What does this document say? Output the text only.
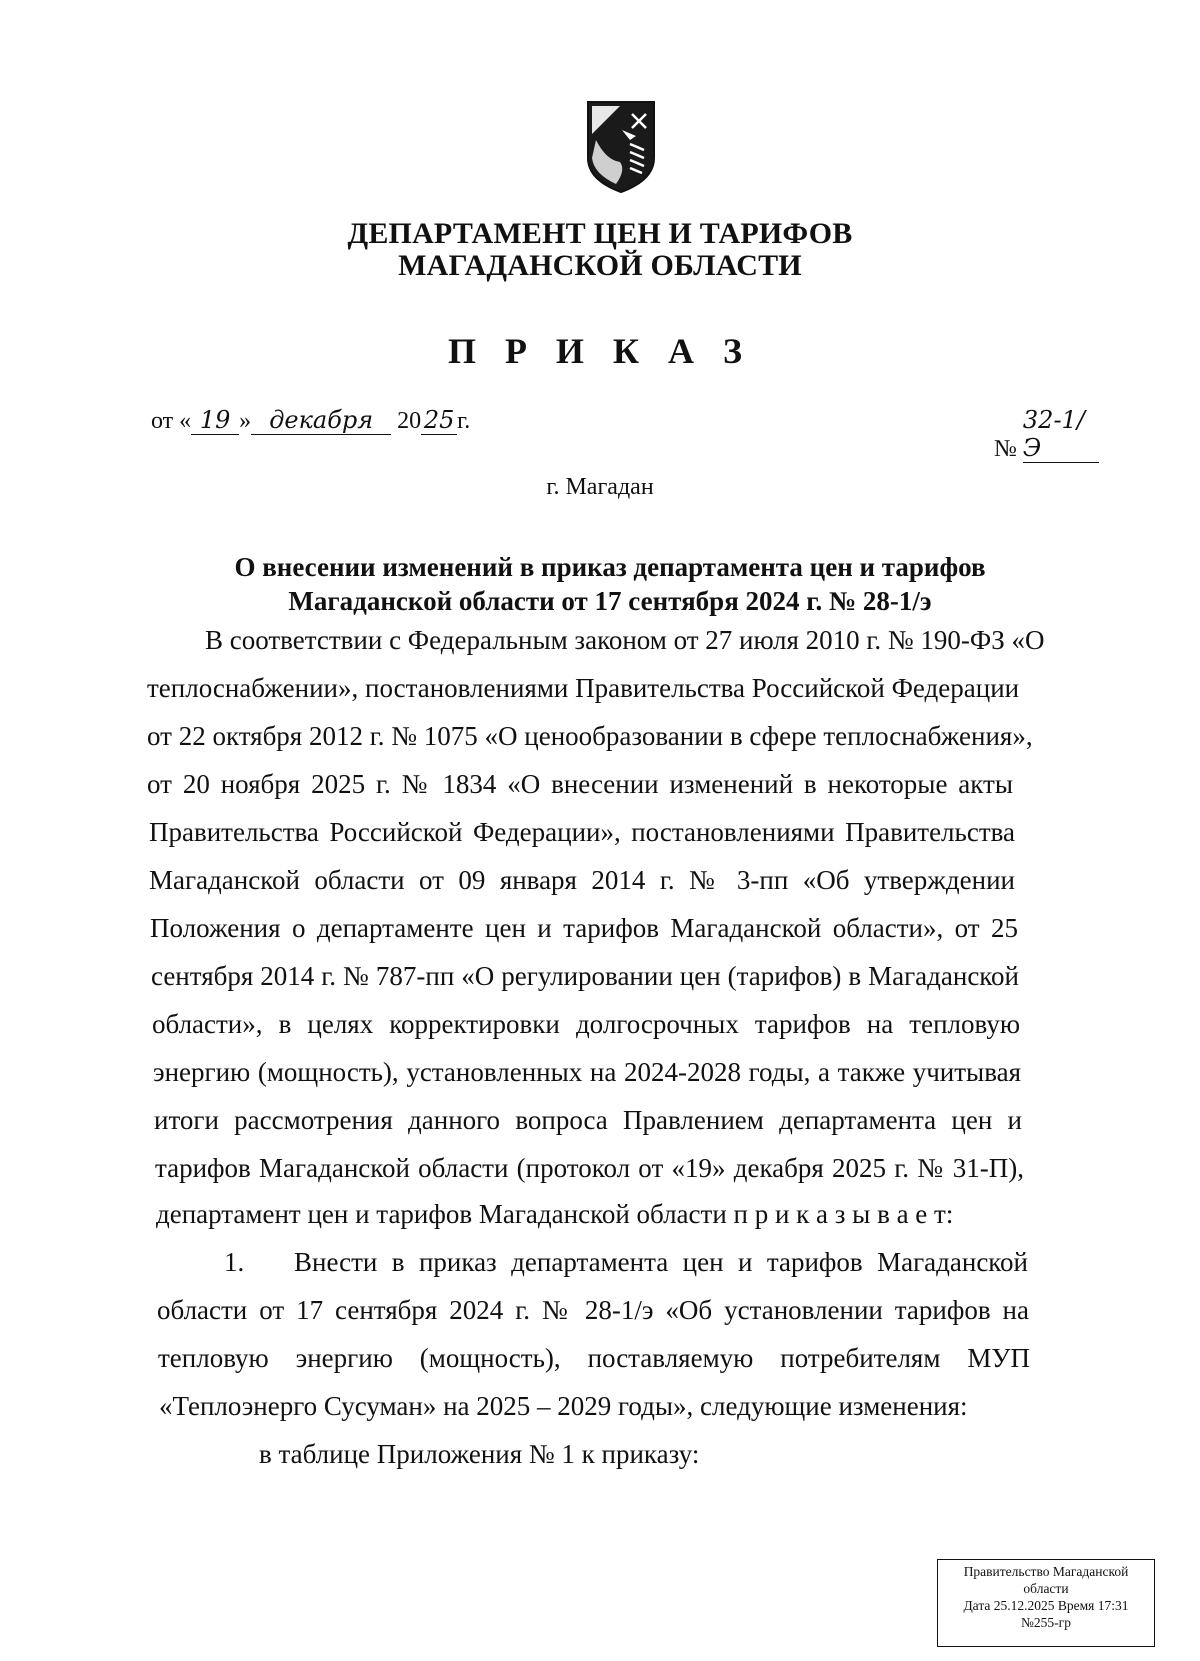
ДЕПАРТАМЕНТ ЦЕН И ТАРИФОВ
МАГАДАНСКОЙ ОБЛАСТИ
П Р И К А З
от « 19 » декабря 20 25 г.
№ 32-1/Э
г. Магадан
О внесении изменений в приказ департамента цен и тарифов
Магаданской области от 17 сентября 2024 г. № 28-1/э
В соответствии с Федеральным законом от 27 июля 2010 г. № 190-ФЗ «О
теплоснабжении», постановлениями Правительства Российской Федерации
от 22 октября 2012 г. № 1075 «О ценообразовании в сфере теплоснабжения»,
от 20 ноября 2025 г. № 1834 «О внесении изменений в некоторые акты
Правительства Российской Федерации», постановлениями Правительства
Магаданской области от 09 января 2014 г. № 3-пп «Об утверждении
Положения о департаменте цен и тарифов Магаданской области», от 25
сентября 2014 г. № 787-пп «О регулировании цен (тарифов) в Магаданской
области», в целях корректировки долгосрочных тарифов на тепловую
энергию (мощность), установленных на 2024-2028 годы, а также учитывая
итоги рассмотрения данного вопроса Правлением департамента цен и
тарифов Магаданской области (протокол от «19» декабря 2025 г. № 31-П),
департамент цен и тарифов Магаданской области п р и к а з ы в а е т:
1. Внести в приказ департамента цен и тарифов Магаданской
области от 17 сентября 2024 г. № 28-1/э «Об установлении тарифов на
тепловую энергию (мощность), поставляемую потребителям МУП
«Теплоэнерго Сусуман» на 2025 – 2029 годы», следующие изменения:
в таблице Приложения № 1 к приказу:
Правительство Магаданской
области
Дата 25.12.2025 Время 17:31
№255-гр
